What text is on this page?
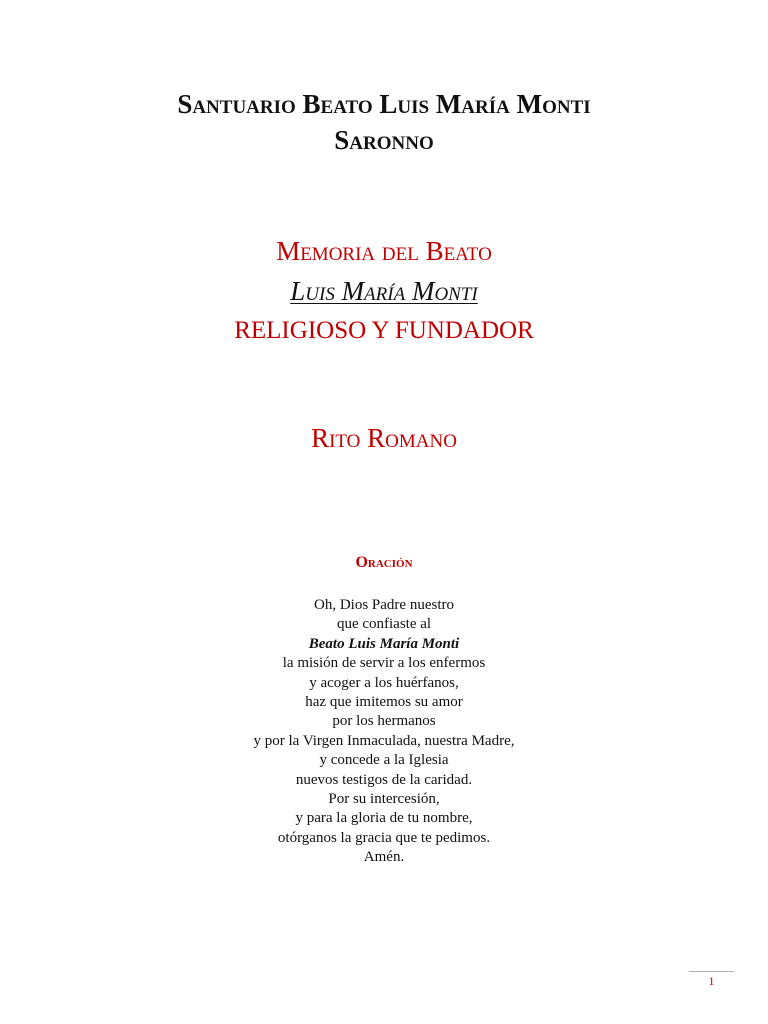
Santuario Beato Luis María Monti
Saronno
Memoria del Beato
Luis María Monti
RELIGIOSO Y FUNDADOR
Rito Romano
Oración
Oh, Dios Padre nuestro
que confiaste al
Beato Luis María Monti
la misión de servir a los enfermos
y acoger a los huérfanos,
haz que imitemos su amor
por los hermanos
y por la Virgen Inmaculada, nuestra Madre,
y concede a la Iglesia
nuevos testigos de la caridad.
Por su intercesión,
y para la gloria de tu nombre,
otórganos la gracia que te pedimos.
Amén.
1
